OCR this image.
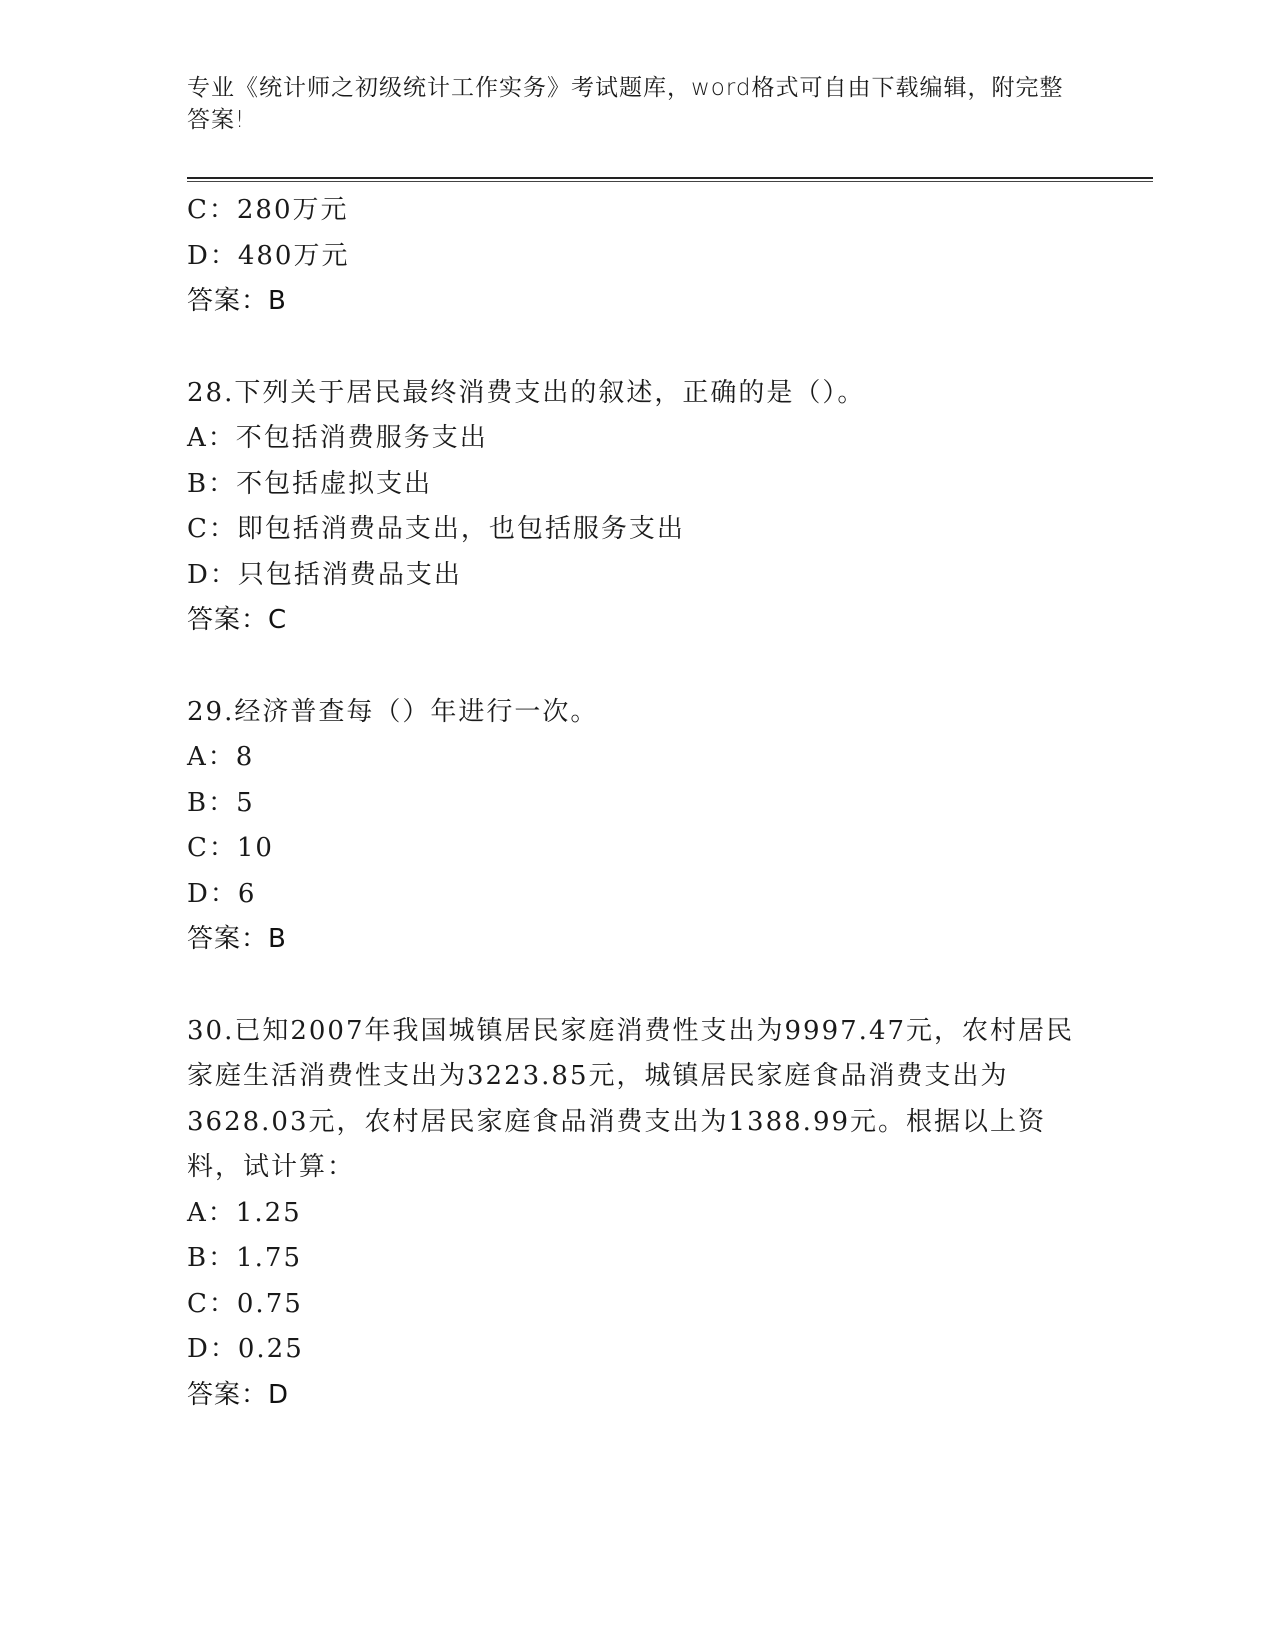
专业《统计师之初级统计工作实务》考试题库，word格式可自由下载编辑，附完整答案!
C：280万元
D：480万元
答案：B
28.下列关于居民最终消费支出的叙述，正确的是（）。
A：不包括消费服务支出
B：不包括虚拟支出
C：即包括消费品支出，也包括服务支出
D：只包括消费品支出
答案：C
29.经济普查每（）年进行一次。
A：8
B：5
C：10
D：6
答案：B
30.已知2007年我国城镇居民家庭消费性支出为9997.47元，农村居民家庭生活消费性支出为3223.85元，城镇居民家庭食品消费支出为3628.03元，农村居民家庭食品消费支出为1388.99元。根据以上资料，试计算：
A：1.25
B：1.75
C：0.75
D：0.25
答案：D
